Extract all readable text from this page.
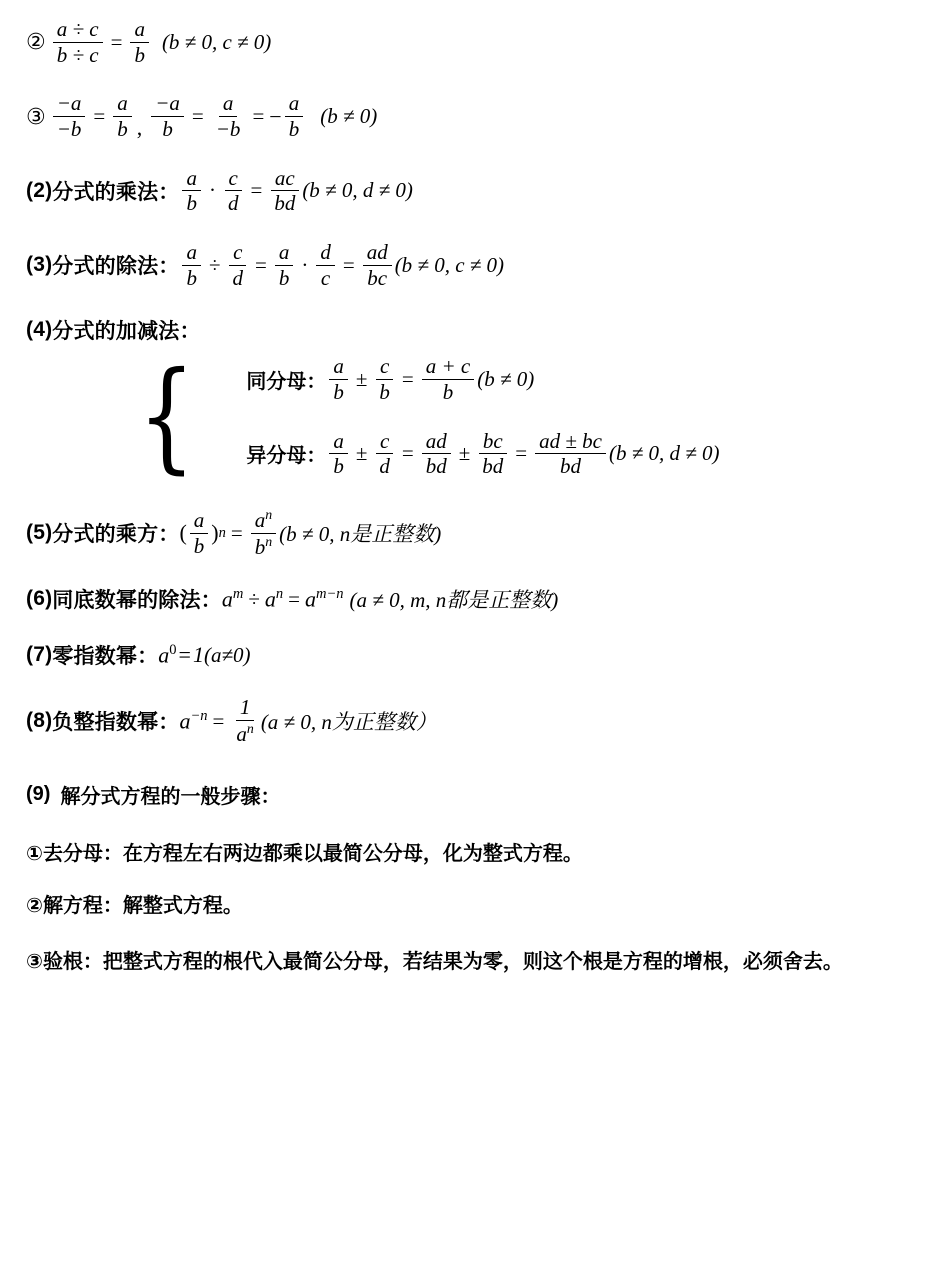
② $\frac{a \div c}{b \div c} = \frac{a}{b} (b \ne 0$, c ≠ 0)
③ $\frac{-a}{-b} = \frac{a}{b}$ , $\frac{-a}{b} = \frac{a}{-b}$ = − $\frac{a}{b} (b \ne 0)$
(2) 分式的乘法： $\frac{a}{b} \cdot \frac{c}{d} = \frac{ac}{bd} (b \ne 0$, d ≠ 0)
(3) 分式的除法： $\frac{a}{b} \div \frac{c}{d} = \frac{a}{b} \cdot \frac{d}{c} = \frac{ad}{bc} (b \ne 0$, c ≠ 0)
(4) 分式的加减法：
{	同分母： $\frac{a}{b} \pm \frac{c}{b} = \frac{a + c}{b} (b \ne 0)$
异分母： $\frac{a}{b} \pm \frac{c}{d} = \frac{ad}{bd} \pm \frac{bc}{bd} = \frac{ad \pm bc}{bd} (b \ne 0$, d ≠ 0)
(5) 分式的乘方： ( $\frac{a}{b}$ ) $n = \frac{a^n}{b^n} (b \ne 0$, n是正整数)
(6) 同底数幂的除法： $a^m \div a^n = a^{m-n}$ (a ≠ 0, m, n都是正整数)
(7) 零指数幂： $a^0 = 1$ (a≠0)
(8) 负整指数幂： $a^{-n} = \frac{1}{a^n} (a \ne 0$, n为正整数）
(9) 解分式方程的一般步骤：
①去分母：在方程左右两边都乘以最简公分母，化为整式方程。
②解方程：解整式方程。
③验根：把整式方程的根代入最简公分母，若结果为零，则这个根是方程的增根，必须舍去。
